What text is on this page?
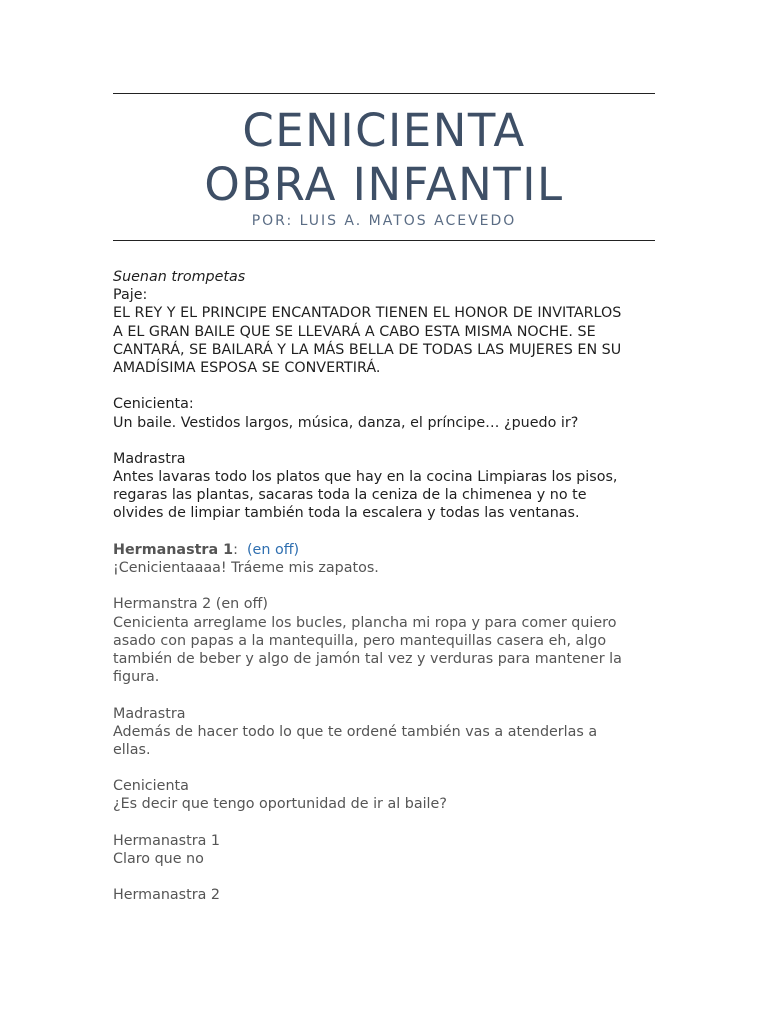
CENICIENTA
OBRA INFANTIL
POR: LUIS A. MATOS ACEVEDO
Suenan trompetas
Paje:
EL REY Y EL PRINCIPE ENCANTADOR TIENEN EL HONOR DE INVITARLOS
A EL GRAN BAILE QUE SE LLEVARÁ A CABO ESTA MISMA NOCHE. SE
CANTARÁ, SE BAILARÁ Y LA MÁS BELLA DE TODAS LAS MUJERES EN SU
AMADÍSIMA ESPOSA SE CONVERTIRÁ.
Cenicienta:
Un baile. Vestidos largos, música, danza, el príncipe… ¿puedo ir?
Madrastra
Antes lavaras todo los platos que hay en la cocina Limpiaras los pisos,
regaras las plantas, sacaras toda la ceniza de la chimenea y no te
olvides de limpiar también toda la escalera y todas las ventanas.
Hermanastra 1: (en off)
¡Cenicientaaaa! Tráeme mis zapatos.
Hermanstra 2 (en off)
Cenicienta arreglame los bucles, plancha mi ropa y para comer quiero
asado con papas a la mantequilla, pero mantequillas casera eh, algo
también de beber y algo de jamón tal vez y verduras para mantener la
figura.
Madrastra
Además de hacer todo lo que te ordené también vas a atenderlas a
ellas.
Cenicienta
¿Es decir que tengo oportunidad de ir al baile?
Hermanastra 1
Claro que no
Hermanastra 2
